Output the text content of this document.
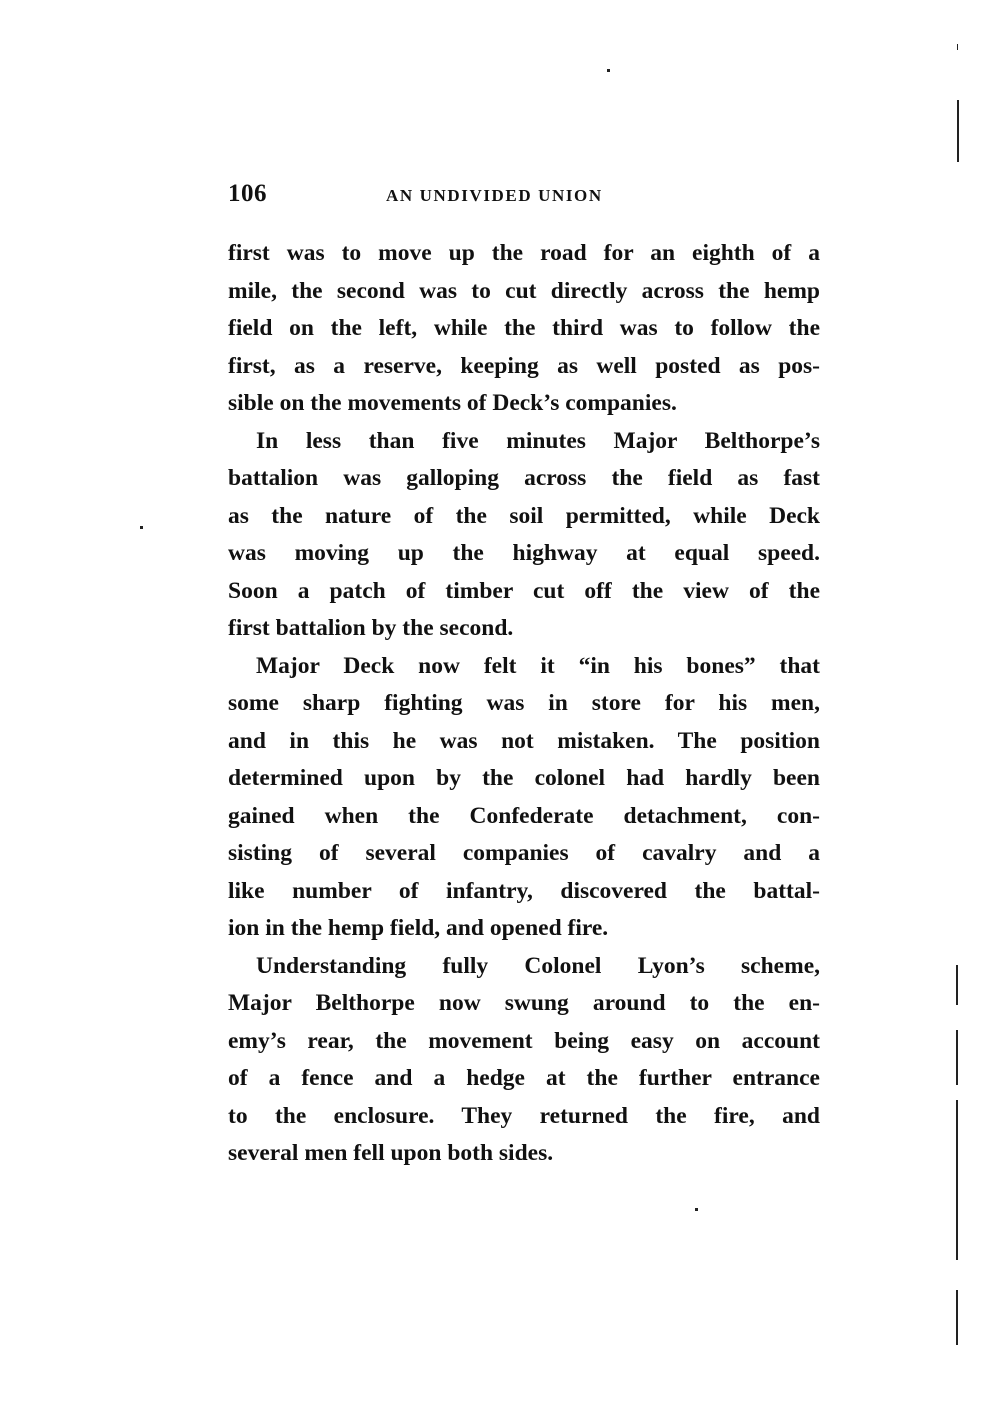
106	AN UNDIVIDED UNION
first was to move up the road for an eighth of a
mile, the second was to cut directly across the hemp
field on the left, while the third was to follow the
first, as a reserve, keeping as well posted as pos-
sible on the movements of Deck’s companies.
In less than five minutes Major Belthorpe’s
battalion was galloping across the field as fast
as the nature of the soil permitted, while Deck
was moving up the highway at equal speed.
Soon a patch of timber cut off the view of the
first battalion by the second.
Major Deck now felt it “in his bones” that
some sharp fighting was in store for his men,
and in this he was not mistaken. The position
determined upon by the colonel had hardly been
gained when the Confederate detachment, con-
sisting of several companies of cavalry and a
like number of infantry, discovered the battal-
ion in the hemp field, and opened fire.
Understanding fully Colonel Lyon’s scheme,
Major Belthorpe now swung around to the en-
emy’s rear, the movement being easy on account
of a fence and a hedge at the further entrance
to the enclosure. They returned the fire, and
several men fell upon both sides.
